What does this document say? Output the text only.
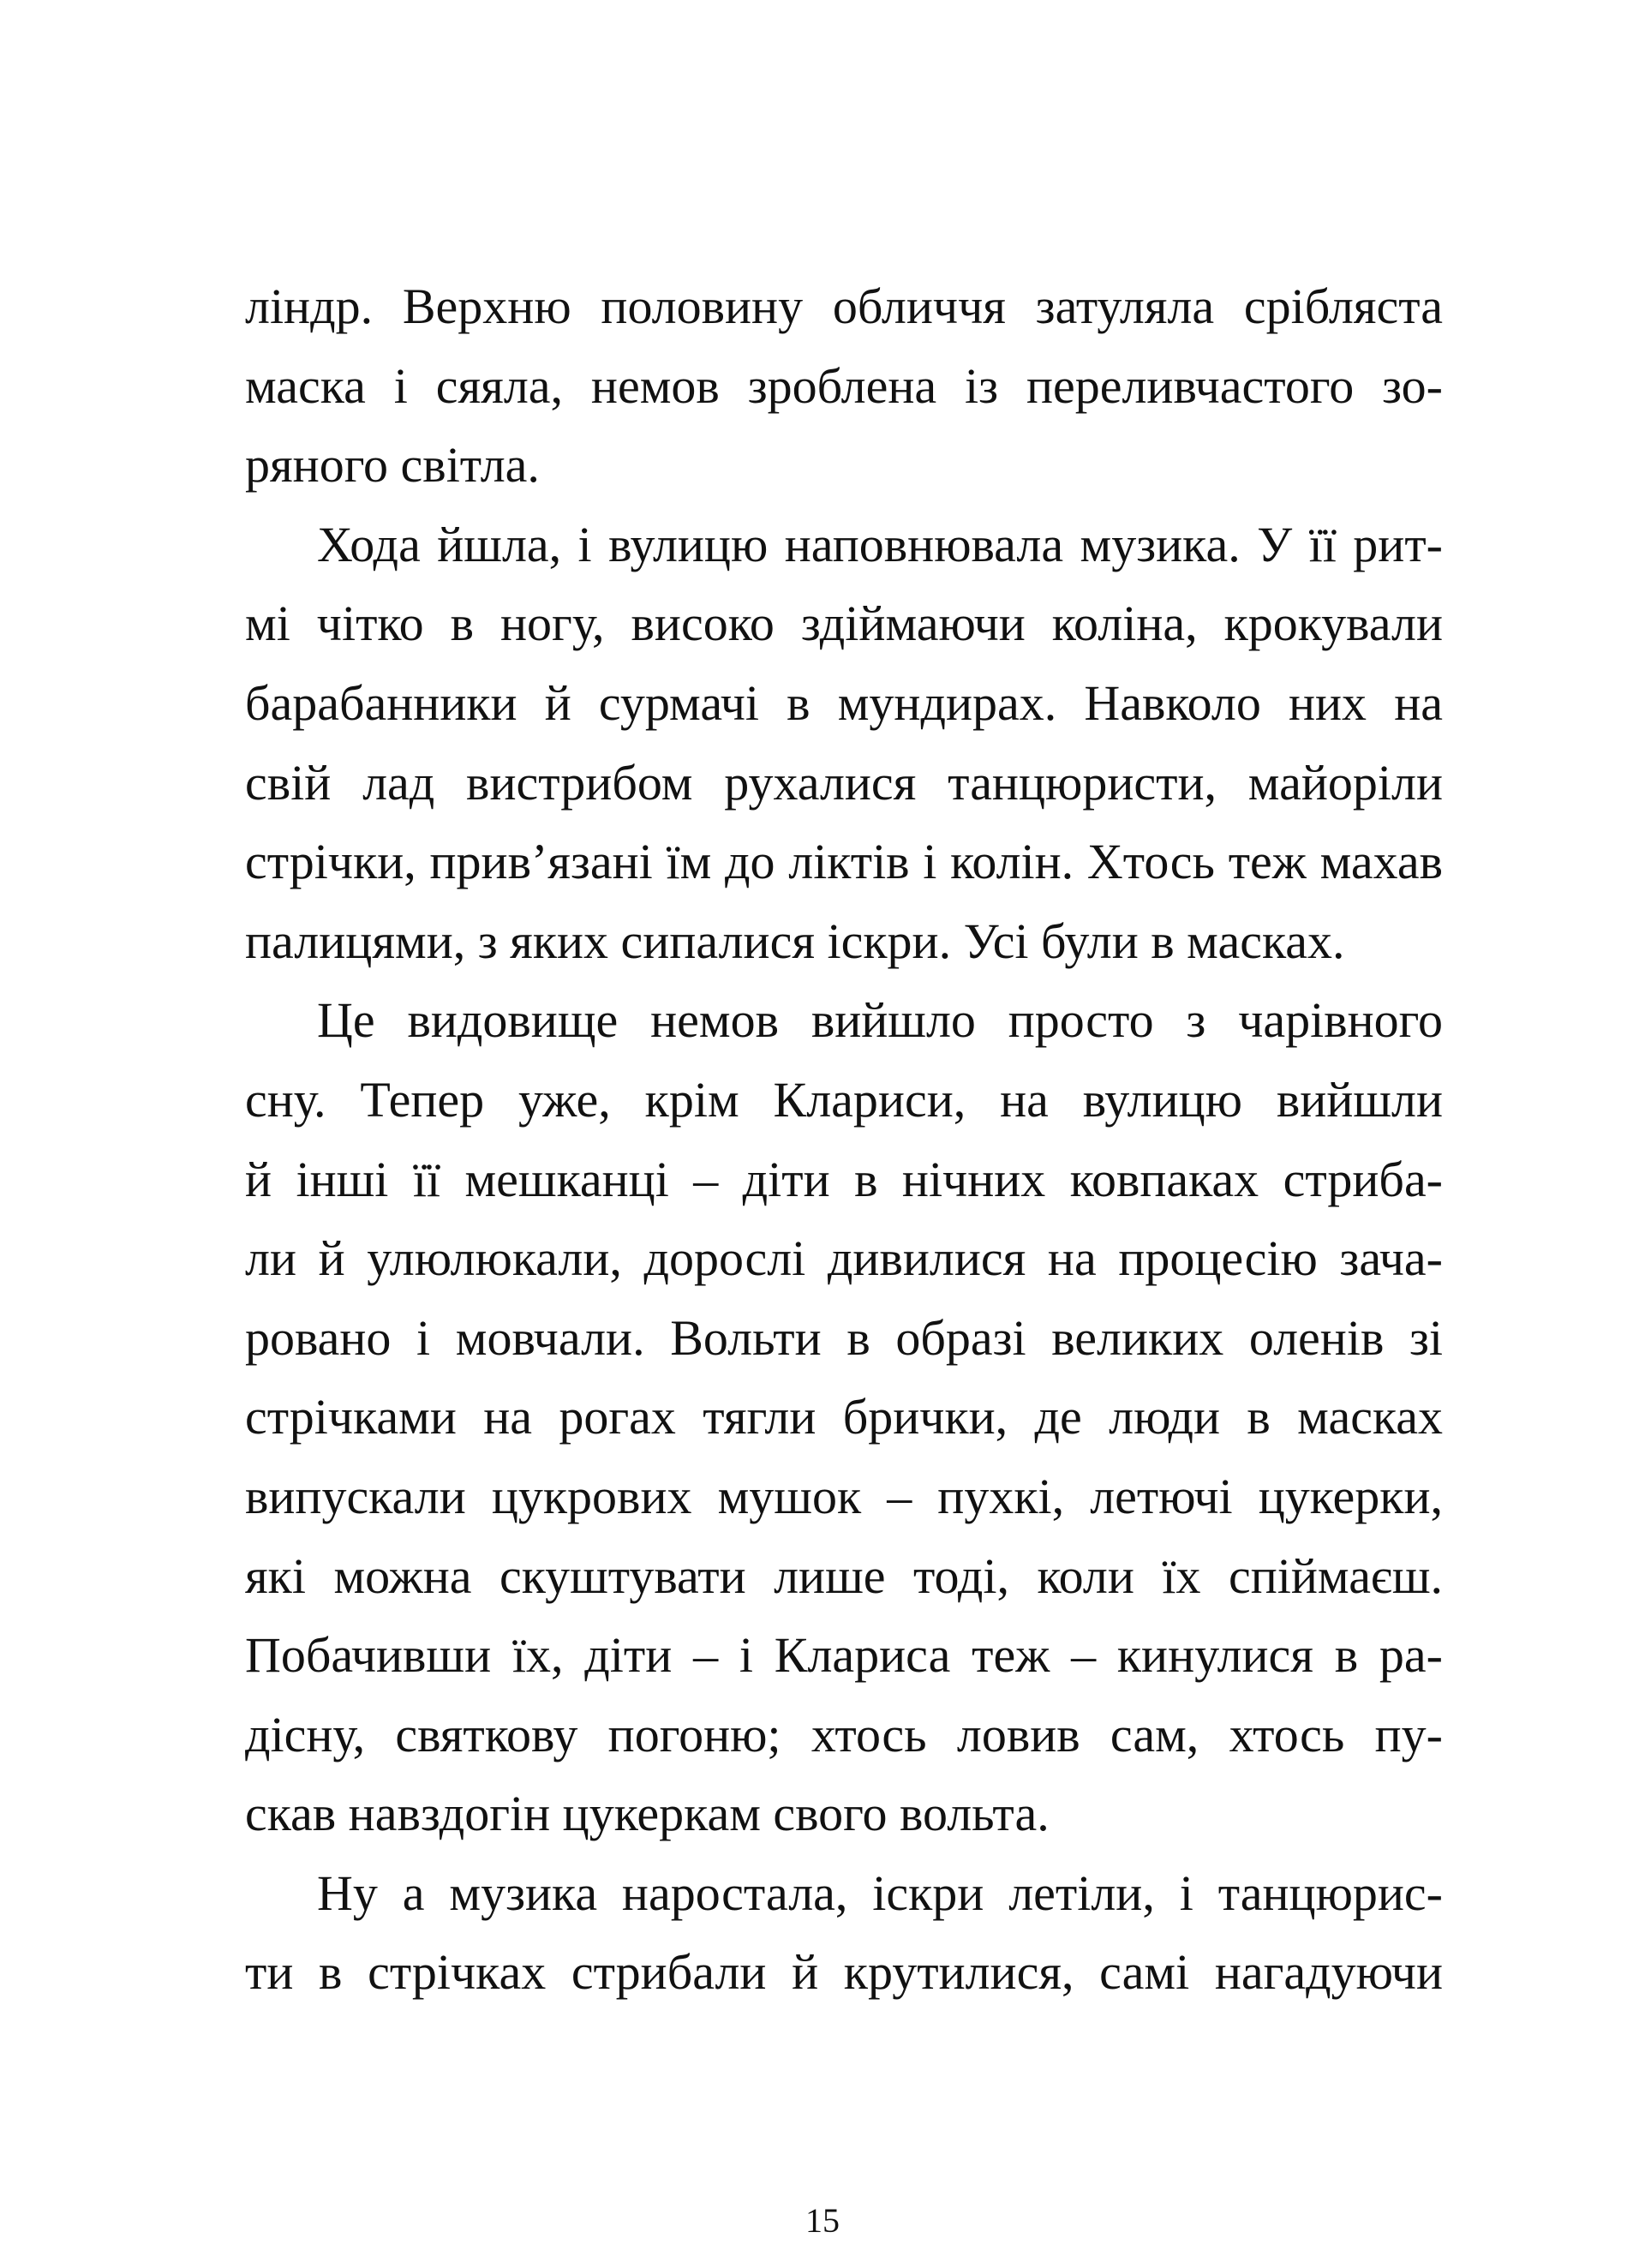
ліндр. Верхню половину обличчя затуляла срібляста
маска і сяяла, немов зроблена із переливчастого зо-
ряного світла.
Хода йшла, і вулицю наповнювала музика. У її рит-
мі чітко в ногу, високо здіймаючи коліна, крокували
барабанники й сурмачі в мундирах. Навколо них на
свій лад вистрибом рухалися танцюристи, майоріли
стрічки, прив’язані їм до ліктів і колін. Хтось теж махав
палицями, з яких сипалися іскри. Усі були в масках.
Це видовище немов вийшло просто з чарівного
сну. Тепер уже, крім Клариси, на вулицю вийшли
й інші її мешканці – діти в нічних ковпаках стриба-
ли й улюлюкали, дорослі дивилися на процесію зача-
ровано і мовчали. Вольти в образі великих оленів зі
стрічками на рогах тягли брички, де люди в масках
випускали цукрових мушок – пухкі, летючі цукерки,
які можна скуштувати лише тоді, коли їх спіймаєш.
Побачивши їх, діти – і Клариса теж – кинулися в ра-
дісну, святкову погоню; хтось ловив сам, хтось пу-
скав навздогін цукеркам свого вольта.
Ну а музика наростала, іскри летіли, і танцюрис-
ти в стрічках стрибали й крутилися, самі нагадуючи
15
